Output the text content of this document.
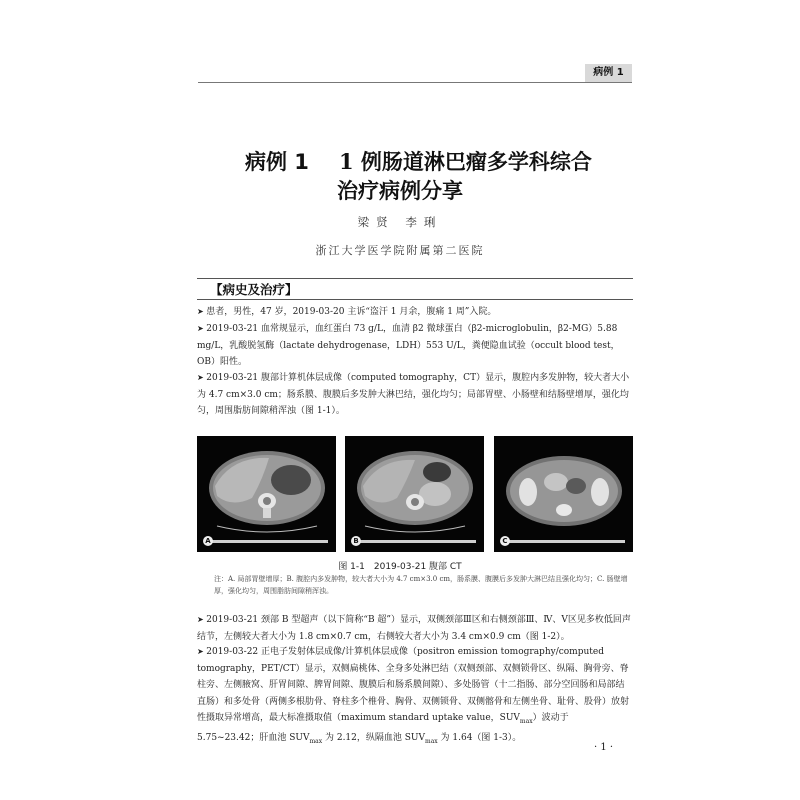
病例 1
病例 1 1 例肠道淋巴瘤多学科综合
治疗病例分享
梁贤 李琍
浙江大学医学院附属第二医院
【病史及治疗】
➤ 患者，男性，47 岁，2019-03-20 主诉“盗汗 1 月余，腹痛 1 周”入院。
➤ 2019-03-21 血常规显示，血红蛋白 73 g/L，血清 β2 微球蛋白（β2-microglobulin，β2-MG）5.88 mg/L，乳酸脱氢酶（lactate dehydrogenase，LDH）553 U/L，粪便隐血试验（occult blood test，OB）阳性。
➤ 2019-03-21 腹部计算机体层成像（computed tomography，CT）显示，腹腔内多发肿物，较大者大小为 4.7 cm×3.0 cm；肠系膜、腹膜后多发肿大淋巴结，强化均匀；局部胃壁、小肠壁和结肠壁增厚，强化均匀，周围脂肪间隙稍浑浊（图 1-1）。
A	B	C
图 1-1　2019-03-21 腹部 CT
注：A. 局部胃壁增厚；B. 腹腔内多发肿物，较大者大小为 4.7 cm×3.0 cm，肠系膜、腹膜后多发肿大淋巴结且强化均匀；C. 肠壁增厚，强化均匀，周围脂肪间隙稍浑浊。
➤ 2019-03-21 颈部 B 型超声（以下简称“B 超”）显示，双侧颈部Ⅲ区和右侧颈部Ⅲ、Ⅳ、Ⅴ区见多枚低回声结节，左侧较大者大小为 1.8 cm×0.7 cm，右侧较大者大小为 3.4 cm×0.9 cm（图 1-2）。
➤ 2019-03-22 正电子发射体层成像/计算机体层成像（positron emission tomography/computed tomography，PET/CT）显示，双侧扁桃体、全身多处淋巴结（双侧颈部、双侧锁骨区、纵隔、胸骨旁、脊柱旁、左侧腋窝、肝胃间隙、脾胃间隙、腹膜后和肠系膜间隙）、多处肠管（十二指肠、部分空回肠和局部结直肠）和多处骨（两侧多根肋骨、脊柱多个椎骨、胸骨、双侧锁骨、双侧髂骨和左侧坐骨、耻骨、股骨）放射性摄取异常增高，最大标准摄取值（maximum standard uptake value，$SUV_{max}$）波动于 5.75~23.42；肝血池 $SUV_{max}$ 为 2.12，纵隔血池 $SUV_{max}$ 为 1.64（图 1-3）。
· 1 ·
